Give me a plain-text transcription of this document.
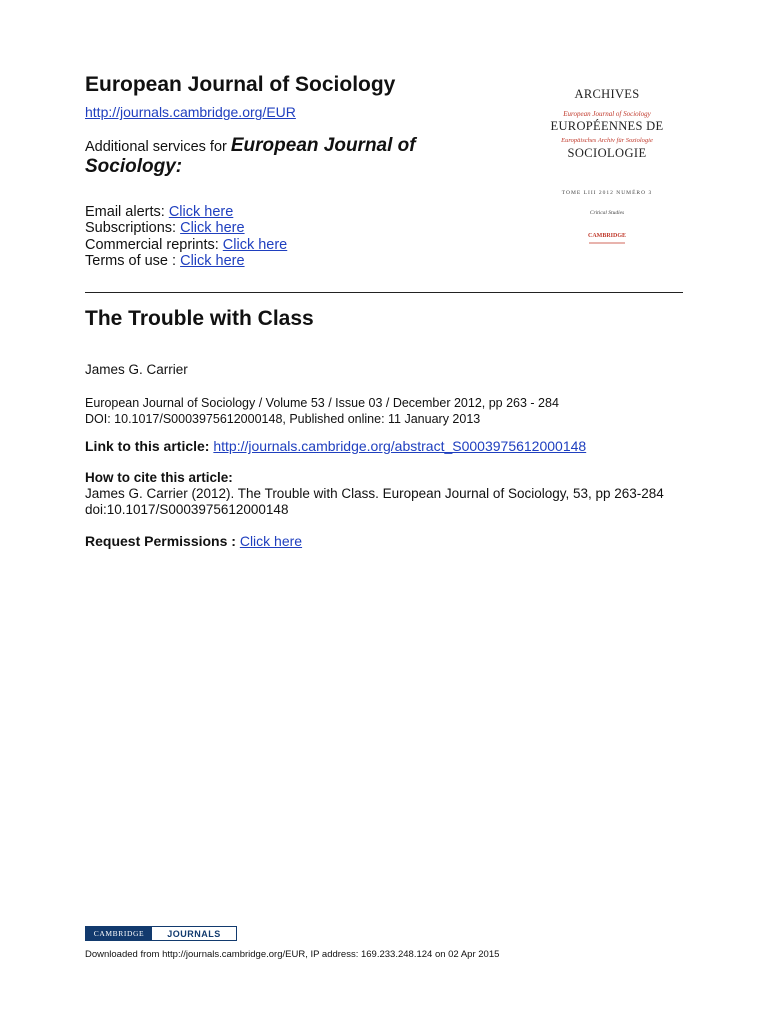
European Journal of Sociology
http://journals.cambridge.org/EUR
Additional services for European Journal of Sociology:
Email alerts: Click here
Subscriptions: Click here
Commercial reprints: Click here
Terms of use : Click here
ARCHIVES
European Journal of Sociology
EUROPÉENNES DE
Europäisches Archiv für Soziologie
SOCIOLOGIE
TOME LIII 2012 NUMÉRO 3
Critical Studies
CAMBRIDGE
The Trouble with Class
James G. Carrier
European Journal of Sociology / Volume 53 / Issue 03 / December 2012, pp 263 - 284
DOI: 10.1017/S0003975612000148, Published online: 11 January 2013
Link to this article: http://journals.cambridge.org/abstract_S0003975612000148
How to cite this article:
James G. Carrier (2012). The Trouble with Class. European Journal of Sociology, 53, pp 263-284 doi:10.1017/S0003975612000148
Request Permissions : Click here
CAMBRIDGE	JOURNALS
Downloaded from http://journals.cambridge.org/EUR, IP address: 169.233.248.124 on 02 Apr 2015
